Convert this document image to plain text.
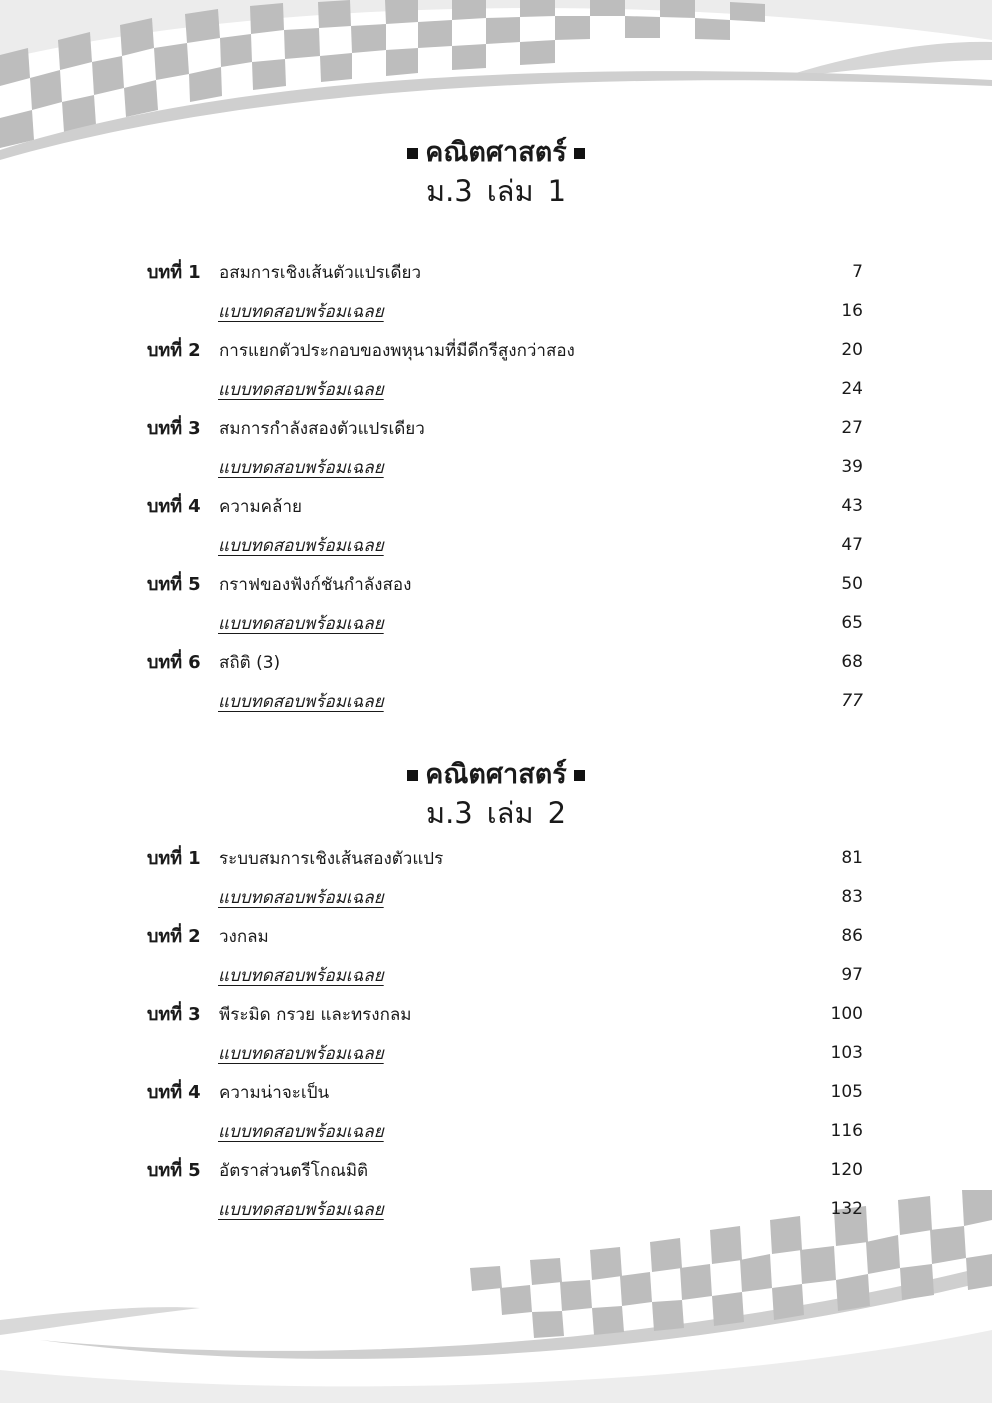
คณิตศาสตร์
ม.3 เล่ม 1
บทที่ 1 อสมการเชิงเส้นตัวแปรเดียว	7
แบบทดสอบพร้อมเฉลย	16
บทที่ 2 การแยกตัวประกอบของพหุนามที่มีดีกรีสูงกว่าสอง	20
แบบทดสอบพร้อมเฉลย	24
บทที่ 3 สมการกำลังสองตัวแปรเดียว	27
แบบทดสอบพร้อมเฉลย	39
บทที่ 4 ความคล้าย	43
แบบทดสอบพร้อมเฉลย	47
บทที่ 5 กราฟของฟังก์ชันกำลังสอง	50
แบบทดสอบพร้อมเฉลย	65
บทที่ 6 สถิติ (3)	68
แบบทดสอบพร้อมเฉลย	77
คณิตศาสตร์
ม.3 เล่ม 2
บทที่ 1 ระบบสมการเชิงเส้นสองตัวแปร	81
แบบทดสอบพร้อมเฉลย	83
บทที่ 2 วงกลม	86
แบบทดสอบพร้อมเฉลย	97
บทที่ 3 พีระมิด กรวย และทรงกลม	100
แบบทดสอบพร้อมเฉลย	103
บทที่ 4 ความน่าจะเป็น	105
แบบทดสอบพร้อมเฉลย	116
บทที่ 5 อัตราส่วนตรีโกณมิติ	120
แบบทดสอบพร้อมเฉลย	132
